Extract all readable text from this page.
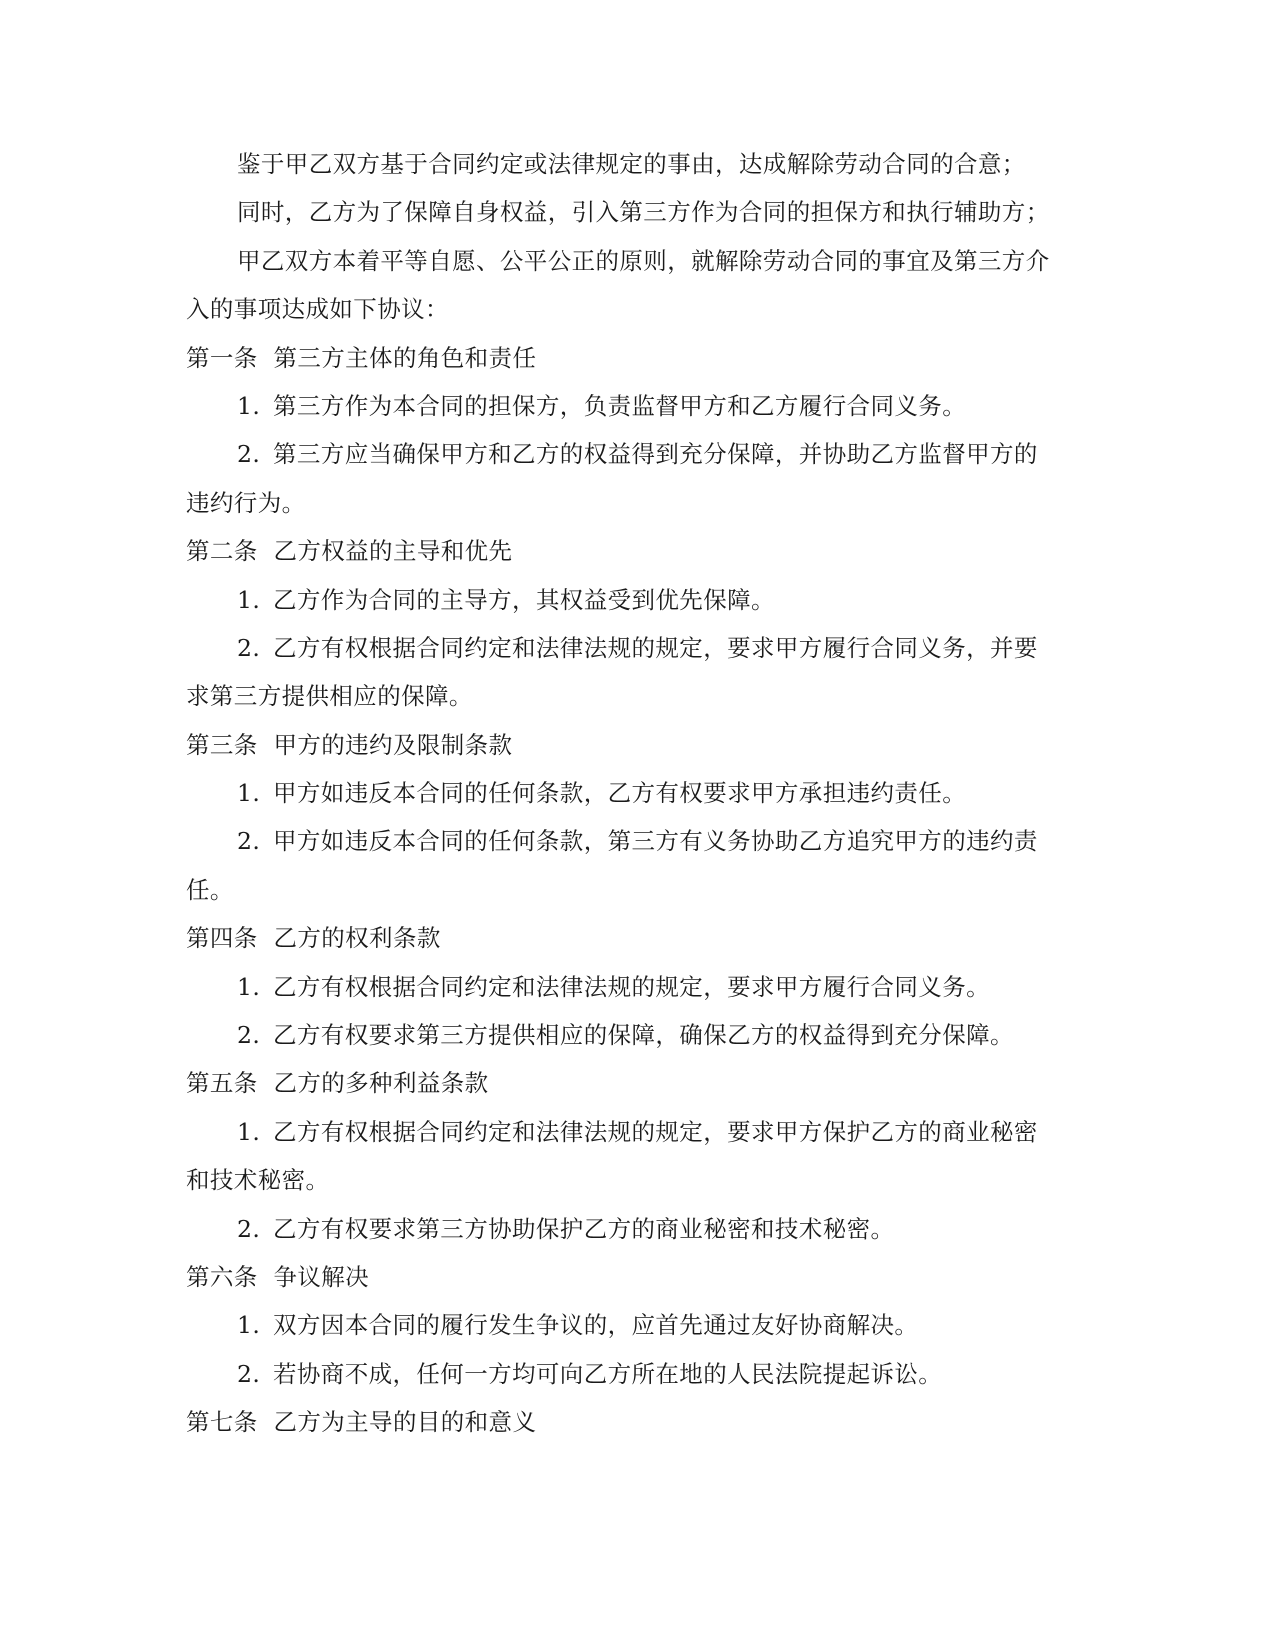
鉴于甲乙双方基于合同约定或法律规定的事由，达成解除劳动合同的合意；
同时，乙方为了保障自身权益，引入第三方作为合同的担保方和执行辅助方；
甲乙双方本着平等自愿、公平公正的原则，就解除劳动合同的事宜及第三方介
入的事项达成如下协议：
第一条  第三方主体的角色和责任
1. 第三方作为本合同的担保方，负责监督甲方和乙方履行合同义务。
2. 第三方应当确保甲方和乙方的权益得到充分保障，并协助乙方监督甲方的
违约行为。
第二条  乙方权益的主导和优先
1. 乙方作为合同的主导方，其权益受到优先保障。
2. 乙方有权根据合同约定和法律法规的规定，要求甲方履行合同义务，并要
求第三方提供相应的保障。
第三条  甲方的违约及限制条款
1. 甲方如违反本合同的任何条款，乙方有权要求甲方承担违约责任。
2. 甲方如违反本合同的任何条款，第三方有义务协助乙方追究甲方的违约责
任。
第四条  乙方的权利条款
1. 乙方有权根据合同约定和法律法规的规定，要求甲方履行合同义务。
2. 乙方有权要求第三方提供相应的保障，确保乙方的权益得到充分保障。
第五条  乙方的多种利益条款
1. 乙方有权根据合同约定和法律法规的规定，要求甲方保护乙方的商业秘密
和技术秘密。
2. 乙方有权要求第三方协助保护乙方的商业秘密和技术秘密。
第六条  争议解决
1. 双方因本合同的履行发生争议的，应首先通过友好协商解决。
2. 若协商不成，任何一方均可向乙方所在地的人民法院提起诉讼。
第七条  乙方为主导的目的和意义
